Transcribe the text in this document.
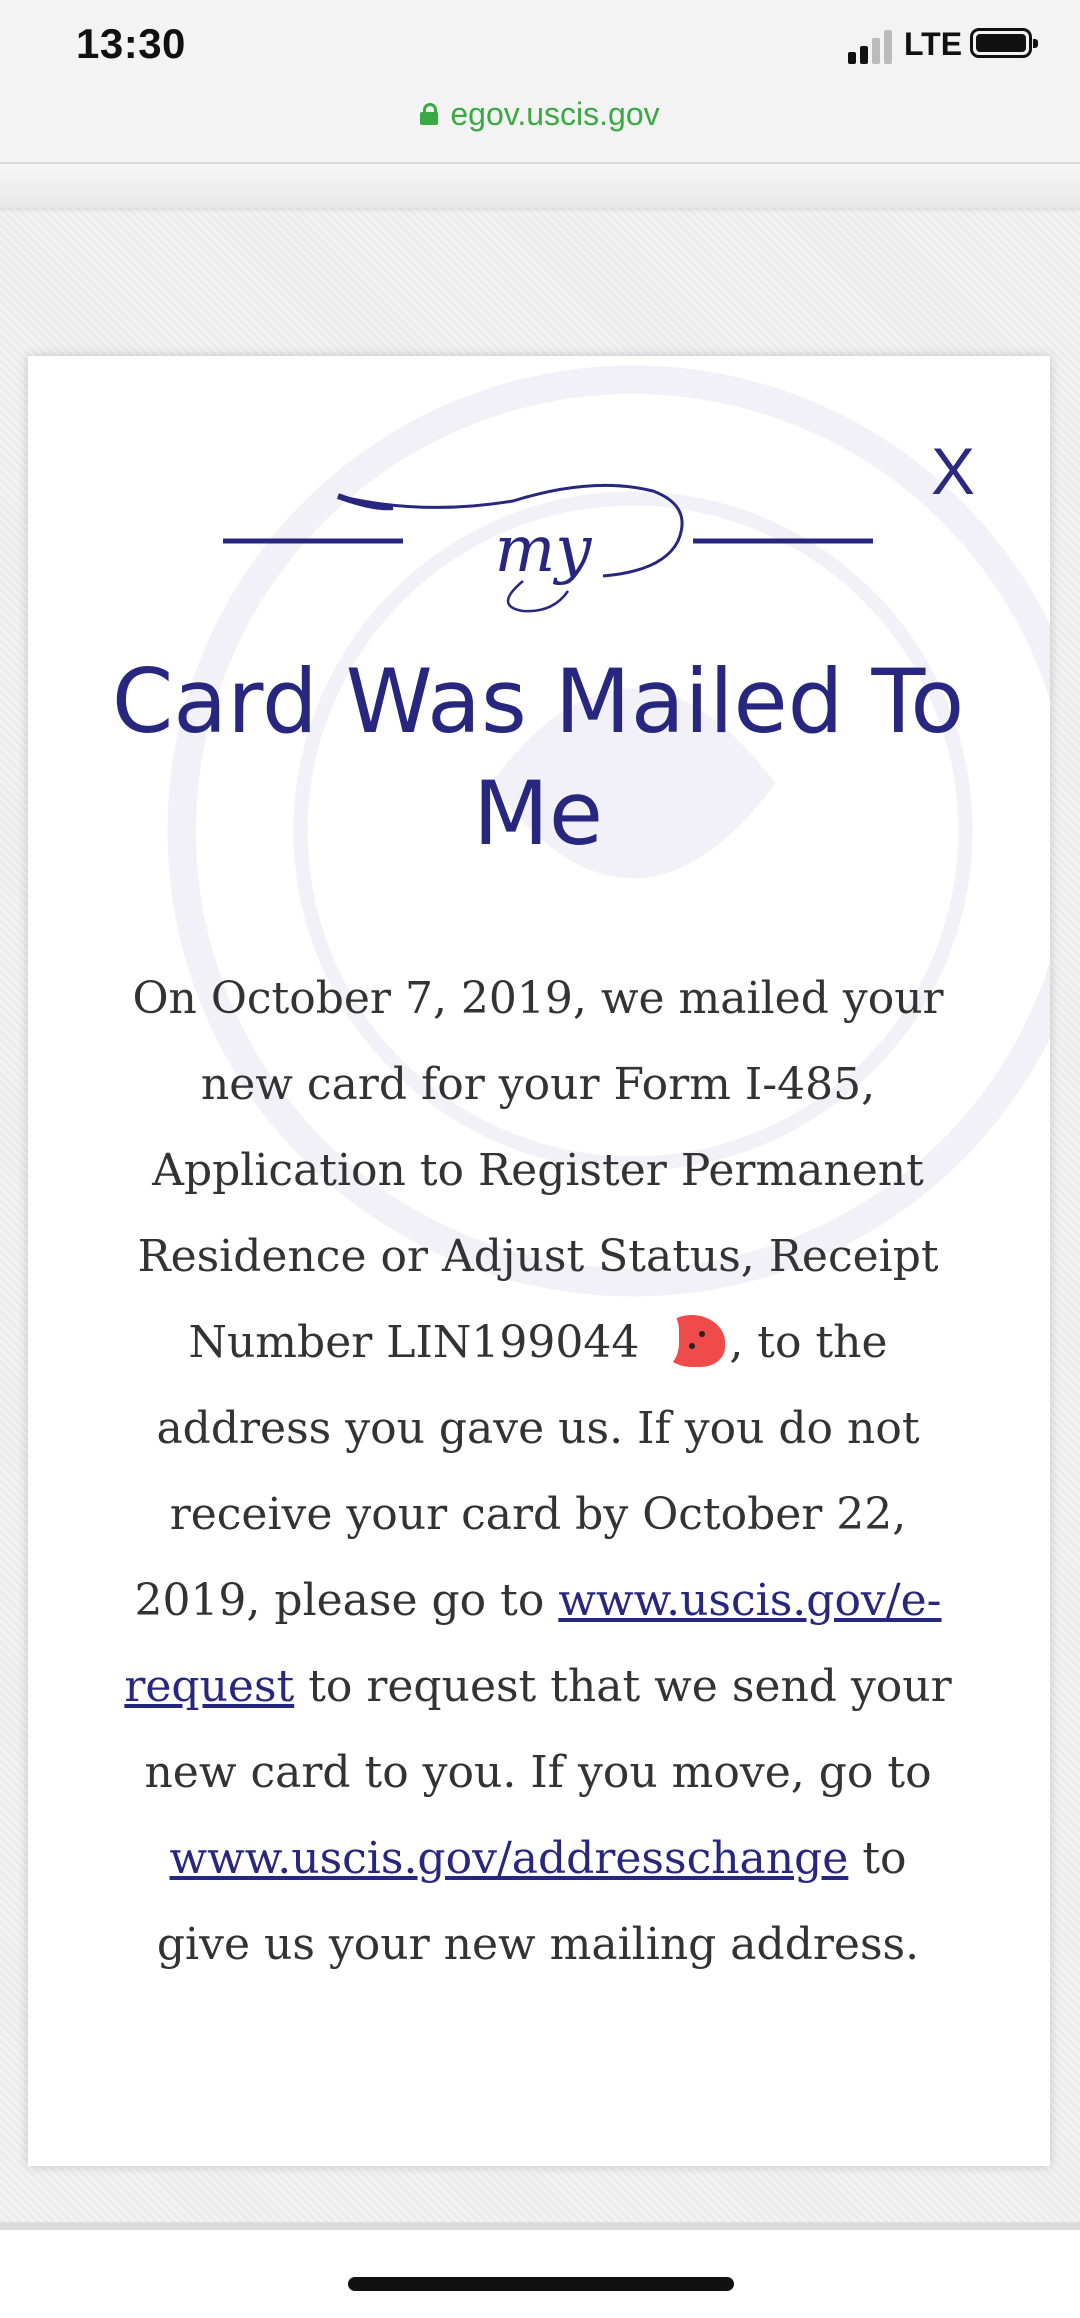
13:30	LTE
egov.uscis.gov
X
my
Card Was Mailed To Me
On October 7, 2019, we mailed your new card for your Form I-485, Application to Register Permanent Residence or Adjust Status, Receipt Number LIN199044 , to the address you gave us. If you do not receive your card by October 22, 2019, please go to www.uscis.gov/e-request to request that we send your new card to you. If you move, go to www.uscis.gov/addresschange to give us your new mailing address.
